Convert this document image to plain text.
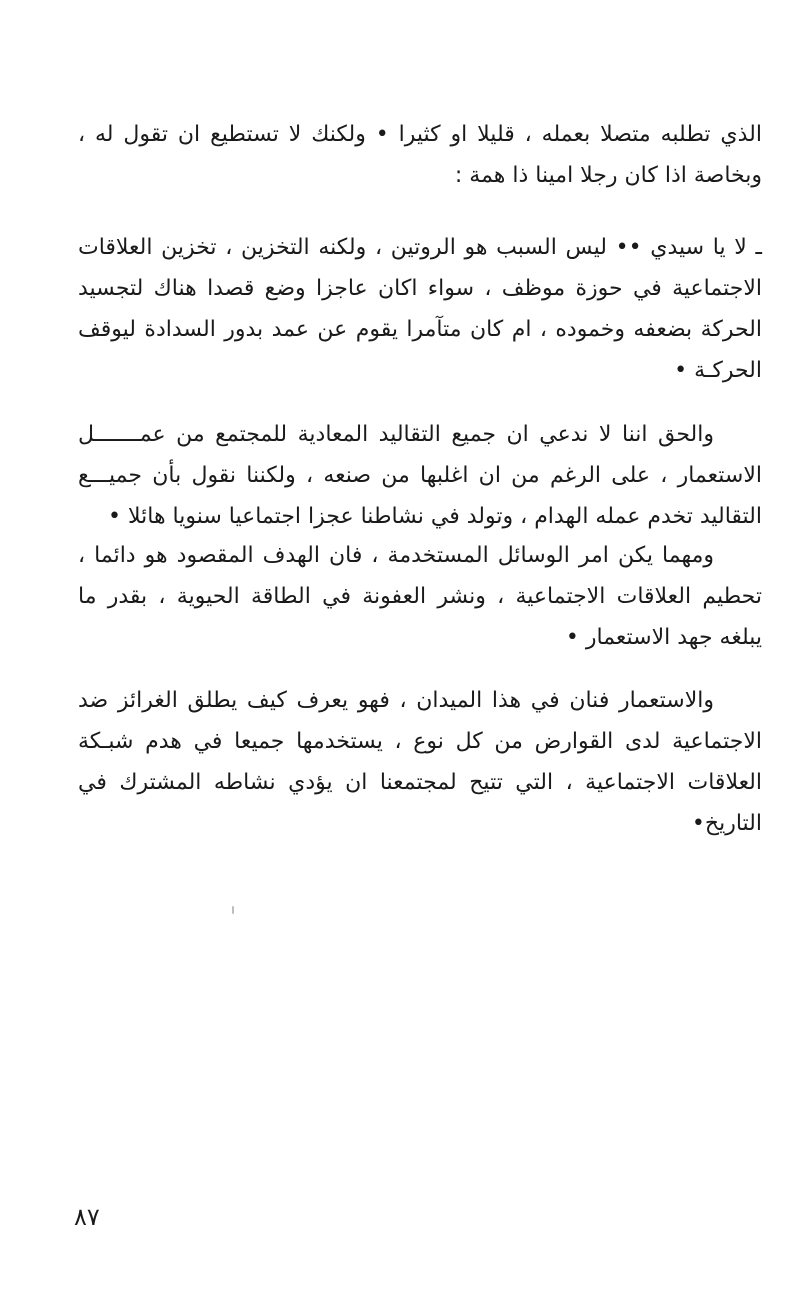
الذي تطلبه متصلا بعمله ، قليلا او كثيرا • ولكنك لا تستطيع ان تقول له ، وبخاصة اذا كان رجلا امينا ذا همة :

ـ لا يا سيدي •• ليس السبب هو الروتين ، ولكنه التخزين ، تخزين العلاقات الاجتماعية في حوزة موظف ، سواء اكان عاجزا وضع قصدا هناك لتجسيد الحركة بضعفه وخموده ، ام كان متآمرا يقوم عن عمد بدور السدادة ليوقف الحركـة •

والحق اننا لا ندعي ان جميع التقاليد المعادية للمجتمع من عمـــــــل الاستعمار ، على الرغم من ان اغلبها من صنعه ، ولكننا نقول بأن جميـــع التقاليد تخدم عمله الهدام ، وتولد في نشاطنا عجزا اجتماعيا سنويا هائلا •

ومهما يكن امر الوسائل المستخدمة ، فان الهدف المقصود هو دائما ، تحطيم العلاقات الاجتماعية ، ونشر العفونة في الطاقة الحيوية ، بقدر ما يبلغه جهد الاستعمار •

والاستعمار فنان في هذا الميدان ، فهو يعرف كيف يطلق الغرائز ضد الاجتماعية لدى القوارض من كل نوع ، يستخدمها جميعا في هدم شبـكة العلاقات الاجتماعية ، التي تتيح لمجتمعنا ان يؤدي نشاطه المشترك في التاريخ•

٨٧
